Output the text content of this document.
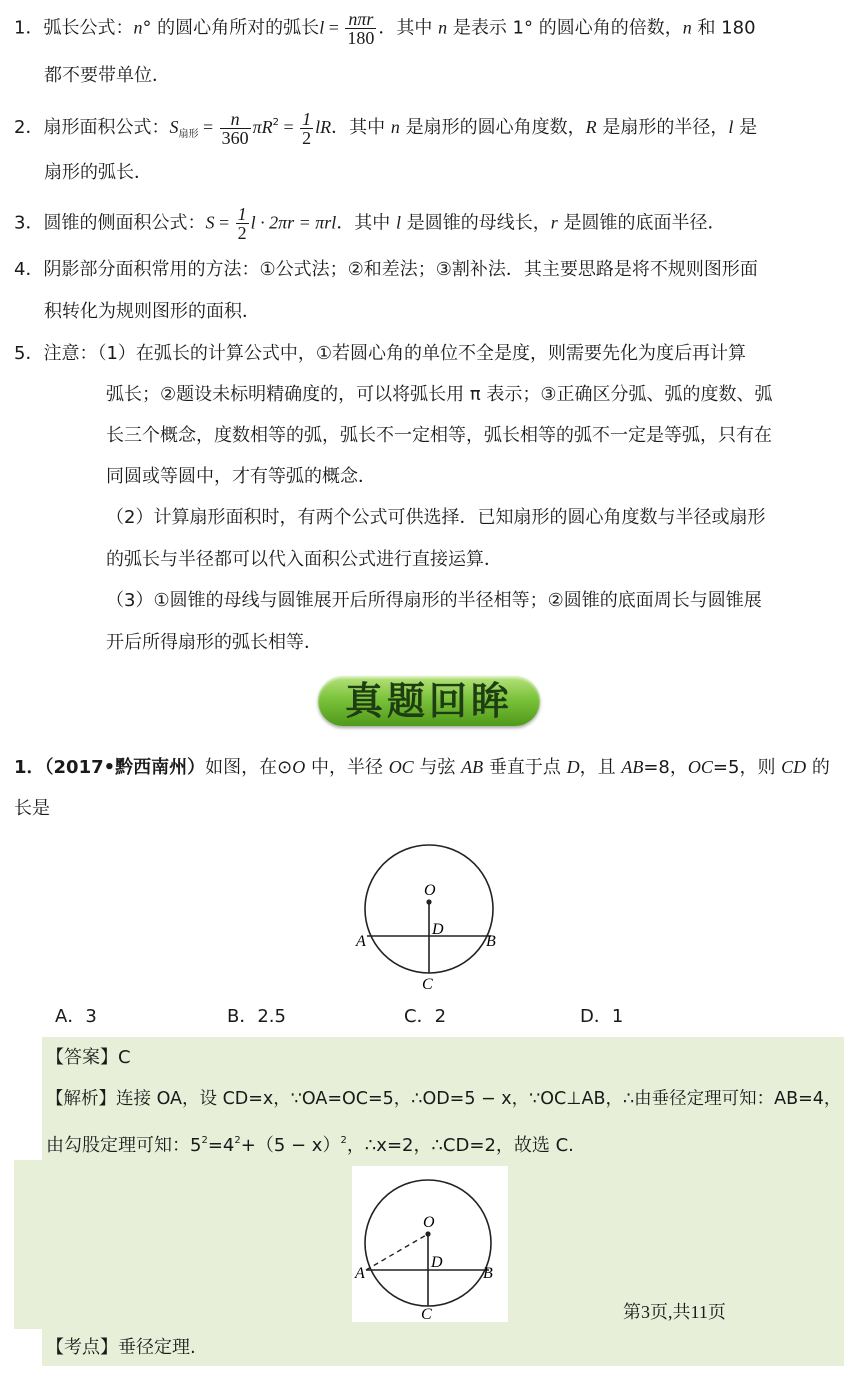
1．弧长公式：n° 的圆心角所对的弧长$l = \frac{\text{nπr}}{180}$ ．其中 n 是表示 1° 的圆心角的倍数，n 和 180
都不要带单位．
2．扇形面积公式：$S_{扇形} = \frac{n}{360} \pi R^2 = \frac{1}{2}$ lR．其中 n 是扇形的圆心角度数，R 是扇形的半径，l 是
扇形的弧长．
3．圆锥的侧面积公式：$S = \frac{1}{2}$ l · 2πr = πrl．其中 l 是圆锥的母线长，r 是圆锥的底面半径．
4．阴影部分面积常用的方法：①公式法；②和差法；③割补法．其主要思路是将不规则图形面
积转化为规则图形的面积．
5．注意：（1）在弧长的计算公式中，①若圆心角的单位不全是度，则需要先化为度后再计算
弧长；②题设未标明精确度的，可以将弧长用 π 表示；③正确区分弧、弧的度数、弧
长三个概念，度数相等的弧，弧长不一定相等，弧长相等的弧不一定是等弧，只有在
同圆或等圆中，才有等弧的概念．
（2）计算扇形面积时，有两个公式可供选择．已知扇形的圆心角度数与半径或扇形
的弧长与半径都可以代入面积公式进行直接运算．
（3）①圆锥的母线与圆锥展开后所得扇形的半径相等；②圆锥的底面周长与圆锥展
开后所得扇形的弧长相等．
真题回眸
1．（2017•黔西南州）如图，在⊙O 中，半径 OC 与弦 AB 垂直于点 D，且 AB=8，OC=5，则 CD 的
长是
O
D
A	B
C
A．3	B．2.5	C．2	D．1
【答案】C
【解析】连接 OA，设 CD=x，∵OA=OC=5，∴OD=5 − x，∵OC⊥AB，∴由垂径定理可知：AB=4，
由勾股定理可知：$5^2=4^2+(5 - x)^2$，∴x=2，∴CD=2，故选 C.
O
D
A	B
C	第3页,共11页
【考点】垂径定理.
